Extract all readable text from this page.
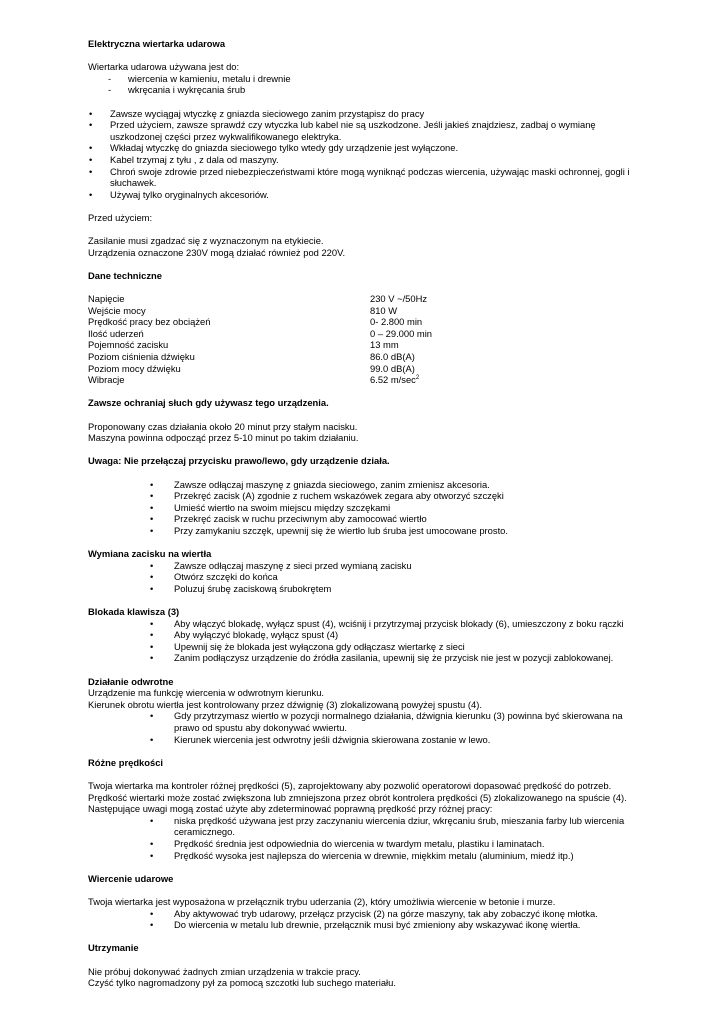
Elektryczna wiertarka udarowa

Wiertarka udarowa używana jest do:

- wiercenia w kamieniu, metalu i drewnie
- wkręcania i wykręcania śrub
• Zawsze wyciągaj wtyczkę z gniazda sieciowego zanim przystąpisz do pracy
• Przed użyciem, zawsze sprawdź czy wtyczka lub kabel nie są uszkodzone. Jeśli jakieś znajdziesz, zadbaj o wymianę uszkodzonej części przez wykwalifikowanego elektryka.
• Wkładaj wtyczkę do gniazda sieciowego tylko wtedy gdy urządzenie jest wyłączone.
• Kabel trzymaj z tyłu , z dala od maszyny.
• Chroń swoje zdrowie przed niebezpieczeństwami które mogą wyniknąć podczas wiercenia, używając maski ochronnej, gogli i słuchawek.
• Używaj tylko oryginalnych akcesoriów.

Przed użyciem:

Zasilanie musi zgadzać się z wyznaczonym na etykiecie.

Urządzenia oznaczone 230V mogą działać również pod 220V.

Dane techniczne

Napięcie	230 V ~/50Hz
Wejście mocy	810 W
Prędkość pracy bez obciążeń	0- 2.800 min
Ilość uderzeń	0 – 29.000 min
Pojemność zacisku	13 mm
Poziom ciśnienia dźwięku	86.0 dB(A)
Poziom mocy dźwięku	99.0 dB(A)
Wibracje	6.52 $m/\sec^2$

Zawsze ochraniaj słuch gdy używasz tego urządzenia.

Proponowany czas działania około 20 minut przy stałym nacisku.

Maszyna powinna odpocząć przez 5-10 minut po takim działaniu.

Uwaga: Nie przełączaj przycisku prawo/lewo, gdy urządzenie działa.

• Zawsze odłączaj maszynę z gniazda sieciowego, zanim zmienisz akcesoria.
• Przekręć zacisk (A) zgodnie z ruchem wskazówek zegara aby otworzyć szczęki
• Umieść wiertło na swoim miejscu między szczękami
• Przekręć zacisk w ruchu przeciwnym aby zamocować wiertło
• Przy zamykaniu szczęk, upewnij się że wiertło lub śruba jest umocowane prosto.

Wymiana zacisku na wiertła

• Zawsze odłączaj maszynę z sieci przed wymianą zacisku
• Otwórz szczęki do końca
• Poluzuj śrubę zaciskową śrubokrętem

Blokada klawisza (3)

• Aby włączyć blokadę, wyłącz spust (4), wciśnij i przytrzymaj przycisk blokady (6), umieszczony z boku rączki
• Aby wyłączyć blokadę, wyłącz spust (4)
• Upewnij się że blokada jest wyłączona gdy odłączasz wiertarkę z sieci
• Zanim podłączysz urządzenie do źródła zasilania, upewnij się że przycisk nie jest w pozycji zablokowanej.

Działanie odwrotne

Urządzenie ma funkcję wiercenia w odwrotnym kierunku.

Kierunek obrotu wiertła jest kontrolowany przez dźwignię (3) zlokalizowaną powyżej spustu (4).

• Gdy przytrzymasz wiertło w pozycji normalnego działania, dźwignia kierunku (3) powinna być skierowana na prawo od spustu aby dokonywać wwiertu.
• Kierunek wiercenia jest odwrotny jeśli dźwignia skierowana zostanie w lewo.

Różne prędkości

Twoja wiertarka ma kontroler różnej prędkości (5), zaprojektowany aby pozwolić operatorowi dopasować prędkość do potrzeb.

Prędkość wiertarki może zostać zwiększona lub zmniejszona przez obrót kontrolera prędkości (5) zlokalizowanego na spuście (4).

Następujące uwagi mogą zostać użyte aby zdeterminować poprawną prędkość przy różnej pracy:

• niska prędkość używana jest przy zaczynaniu wiercenia dziur, wkręcaniu śrub, mieszania farby lub wiercenia ceramicznego.
• Prędkość średnia jest odpowiednia do wiercenia w twardym metalu, plastiku i laminatach.
• Prędkość wysoka jest najlepsza do wiercenia w drewnie, miękkim metalu (aluminium, miedź itp.)

Wiercenie udarowe

Twoja wiertarka jest wyposażona w przełącznik trybu uderzania (2), który umożliwia wiercenie w betonie i murze.

• Aby aktywować tryb udarowy, przełącz przycisk (2) na górze maszyny, tak aby zobaczyć ikonę młotka.
• Do wiercenia w metalu lub drewnie, przełącznik musi być zmieniony aby wskazywać ikonę wiertła.

Utrzymanie

Nie próbuj dokonywać żadnych zmian urządzenia w trakcie pracy.

Czyść tylko nagromadzony pył za pomocą szczotki lub suchego materiału.
